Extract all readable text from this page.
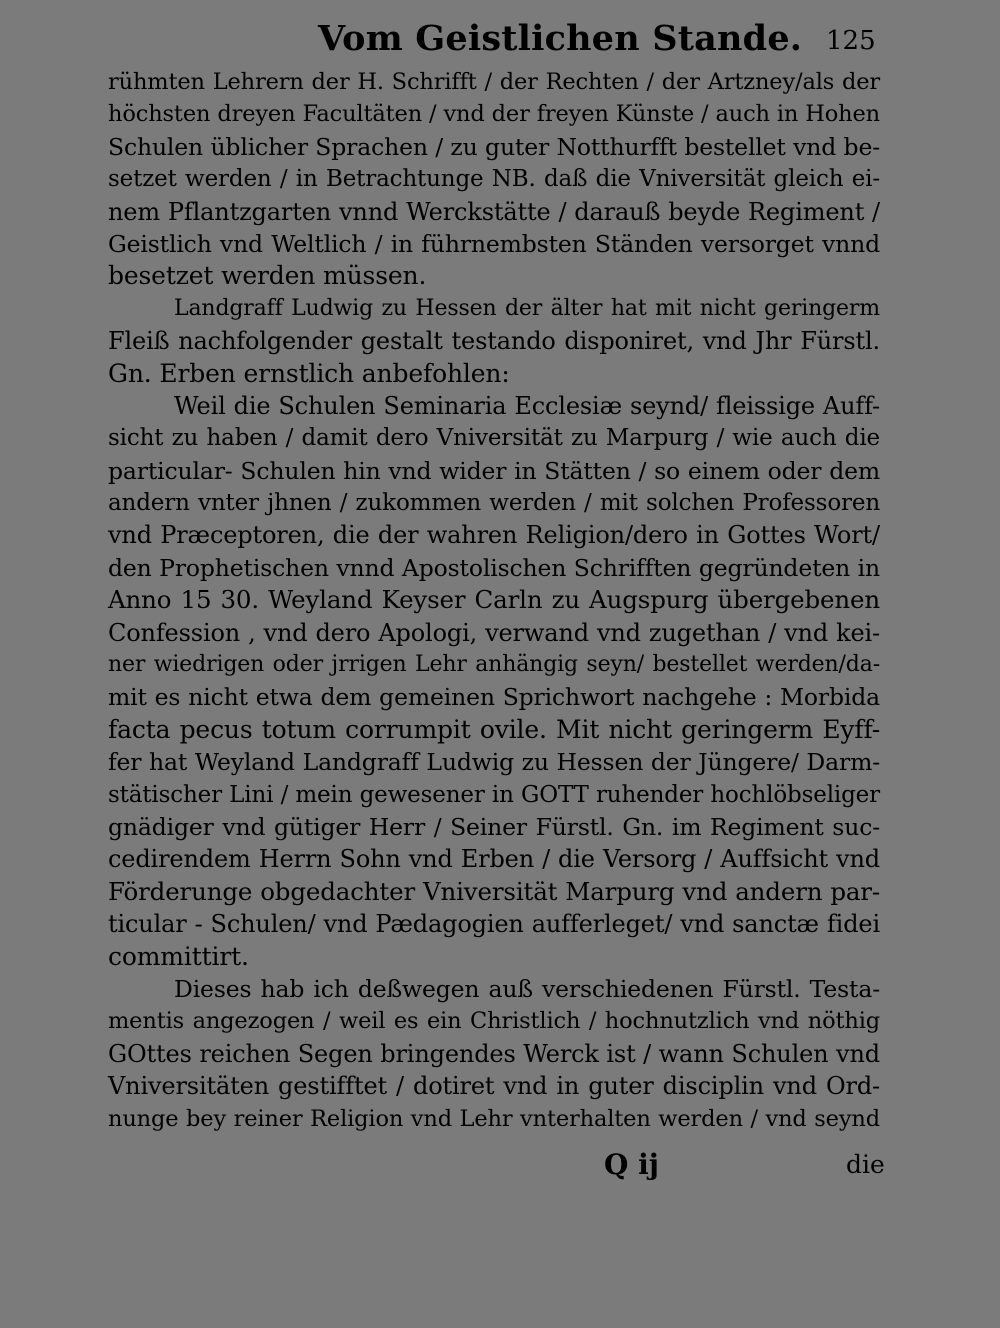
Vom Geistlichen Stande. 125
rühmten Lehrern der H. Schrifft / der Rechten / der Artzney/als der
höchsten dreyen Facultäten / vnd der freyen Künste / auch in Hohen
Schulen üblicher Sprachen / zu guter Notthurfft bestellet vnd be-
setzet werden / in Betrachtunge NB. daß die Vniversität gleich ei-
nem Pflantzgarten vnnd Werckstätte / darauß beyde Regiment /
Geistlich vnd Weltlich / in führnembsten Ständen versorget vnnd
besetzet werden müssen.
Landgraff Ludwig zu Hessen der älter hat mit nicht geringerm
Fleiß nachfolgender gestalt testando disponiret, vnd Jhr Fürstl.
Gn. Erben ernstlich anbefohlen:
Weil die Schulen Seminaria Ecclesiæ seynd/ fleissige Auff-
sicht zu haben / damit dero Vniversität zu Marpurg / wie auch die
particular- Schulen hin vnd wider in Stätten / so einem oder dem
andern vnter jhnen / zukommen werden / mit solchen Professoren
vnd Præceptoren, die der wahren Religion/dero in Gottes Wort/
den Prophetischen vnnd Apostolischen Schrifften gegründeten in
Anno 15 30. Weyland Keyser Carln zu Augspurg übergebenen
Confession , vnd dero Apologi, verwand vnd zugethan / vnd kei-
ner wiedrigen oder jrrigen Lehr anhängig seyn/ bestellet werden/da-
mit es nicht etwa dem gemeinen Sprichwort nachgehe : Morbida
facta pecus totum corrumpit ovile. Mit nicht geringerm Eyff-
fer hat Weyland Landgraff Ludwig zu Hessen der Jüngere/ Darm-
stätischer Lini / mein gewesener in GOTT ruhender hochlöbseliger
gnädiger vnd gütiger Herr / Seiner Fürstl. Gn. im Regiment suc-
cedirendem Herrn Sohn vnd Erben / die Versorg / Auffsicht vnd
Förderunge obgedachter Vniversität Marpurg vnd andern par-
ticular - Schulen/ vnd Pædagogien aufferleget/ vnd sanctæ fidei
committirt.
Dieses hab ich deßwegen auß verschiedenen Fürstl. Testa-
mentis angezogen / weil es ein Christlich / hochnutzlich vnd nöthig
GOttes reichen Segen bringendes Werck ist / wann Schulen vnd
Vniversitäten gestifftet / dotiret vnd in guter disciplin vnd Ord-
nunge bey reiner Religion vnd Lehr vnterhalten werden / vnd seynd
Q ij	die
